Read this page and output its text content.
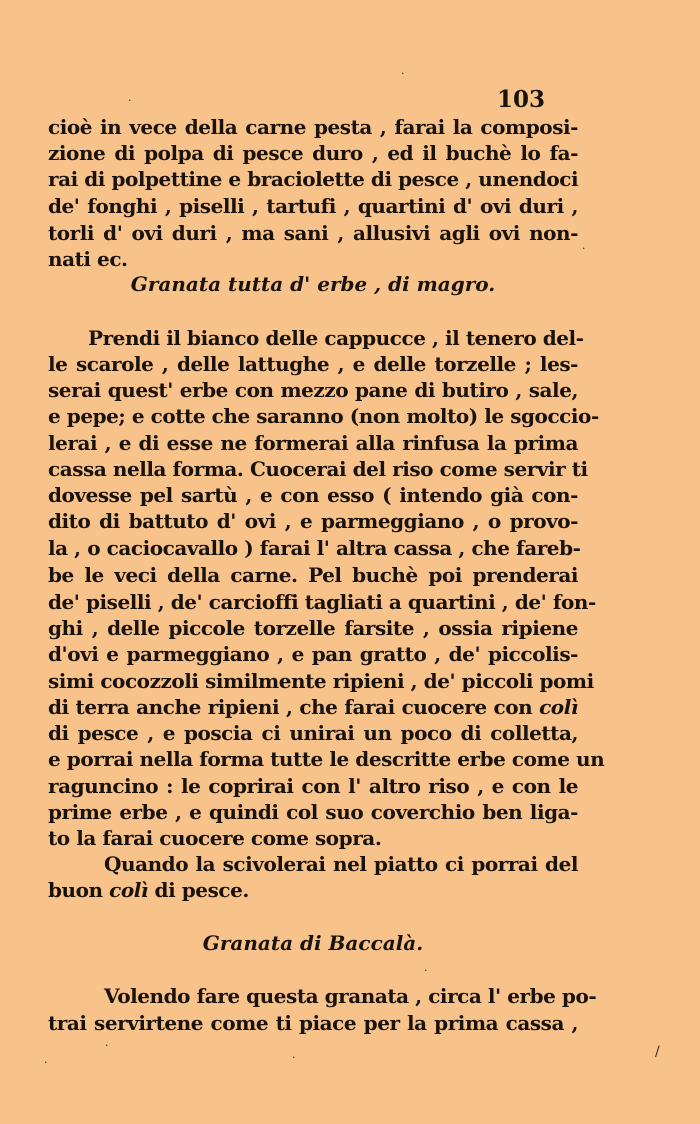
·
·
·
·
·
·
·
/
103
cioè in vece della carne pesta , farai la composi-
zione di polpa di pesce duro , ed il buchè lo fa-
rai di polpettine e braciolette di pesce , unendoci
de' fonghi , piselli , tartufi , quartini d' ovi duri ,
torli d' ovi duri , ma sani , allusivi agli ovi non-
nati ec.
Granata tutta d' erbe , di magro.
Prendi il bianco delle cappucce , il tenero del-
le scarole , delle lattughe , e delle torzelle ; les-
serai quest' erbe con mezzo pane di butiro , sale,
e pepe; e cotte che saranno (non molto) le sgoccio-
lerai , e di esse ne formerai alla rinfusa la prima
cassa nella forma. Cuocerai del riso come servir ti
dovesse pel sartù , e con esso ( intendo già con-
dito di battuto d' ovi , e parmeggiano , o provo-
la , o caciocavallo ) farai l' altra cassa , che fareb-
be le veci della carne. Pel buchè poi prenderai
de' piselli , de' carcioffi tagliati a quartini , de' fon-
ghi , delle piccole torzelle farsite , ossia ripiene
d'ovi e parmeggiano , e pan gratto , de' piccolis-
simi cocozzoli similmente ripieni , de' piccoli pomi
di terra anche ripieni , che farai cuocere con colì
di pesce , e poscia ci unirai un poco di colletta,
e porrai nella forma tutte le descritte erbe come un
raguncino : le coprirai con l' altro riso , e con le
prime erbe , e quindi col suo coverchio ben liga-
to la farai cuocere come sopra.
Quando la scivolerai nel piatto ci porrai del
buon colì di pesce.
Granata di Baccalà.
Volendo fare questa granata , circa l' erbe po-
trai servirtene come ti piace per la prima cassa ,
